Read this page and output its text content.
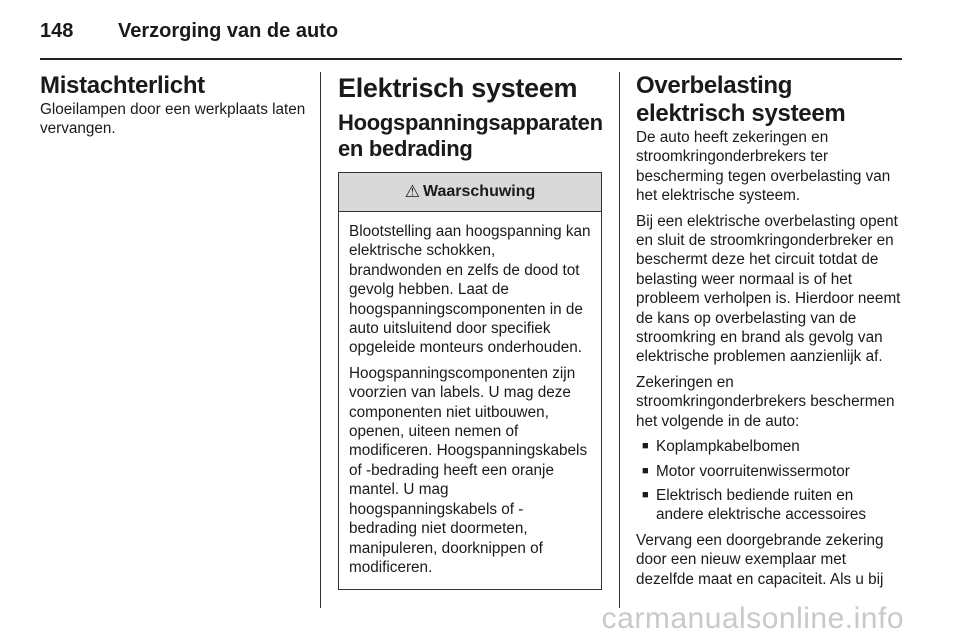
148 Verzorging van de auto
Mistachterlicht

Gloeilampen door een werkplaats laten vervangen.

Elektrisch systeem
Hoogspanningsapparaten en bedrading
⚠ Waarschuwing

Blootstelling aan hoogspanning kan elektrische schokken, brandwonden en zelfs de dood tot gevolg hebben. Laat de hoogspanningscomponenten in de auto uitsluitend door specifiek opgeleide monteurs onderhouden.

Hoogspanningscomponenten zijn voorzien van labels. U mag deze componenten niet uitbouwen, openen, uiteen nemen of modificeren. Hoogspanningskabels of -bedrading heeft een oranje mantel. U mag hoogspanningskabels of -bedrading niet doormeten, manipuleren, doorknippen of modificeren.

Overbelasting elektrisch systeem

De auto heeft zekeringen en stroomkringonderbrekers ter bescherming tegen overbelasting van het elektrische systeem.

Bij een elektrische overbelasting opent en sluit de stroomkringonderbreker en beschermt deze het circuit totdat de belasting weer normaal is of het probleem verholpen is. Hierdoor neemt de kans op overbelasting van de stroomkring en brand als gevolg van elektrische problemen aanzienlijk af.

Zekeringen en stroomkringonderbrekers beschermen het volgende in de auto:

■ Koplampkabelbomen
■ Motor voorruitenwissermotor
■ Elektrisch bediende ruiten en andere elektrische accessoires

Vervang een doorgebrande zekering door een nieuw exemplaar met dezelfde maat en capaciteit. Als u bij

carmanualsonline.info
